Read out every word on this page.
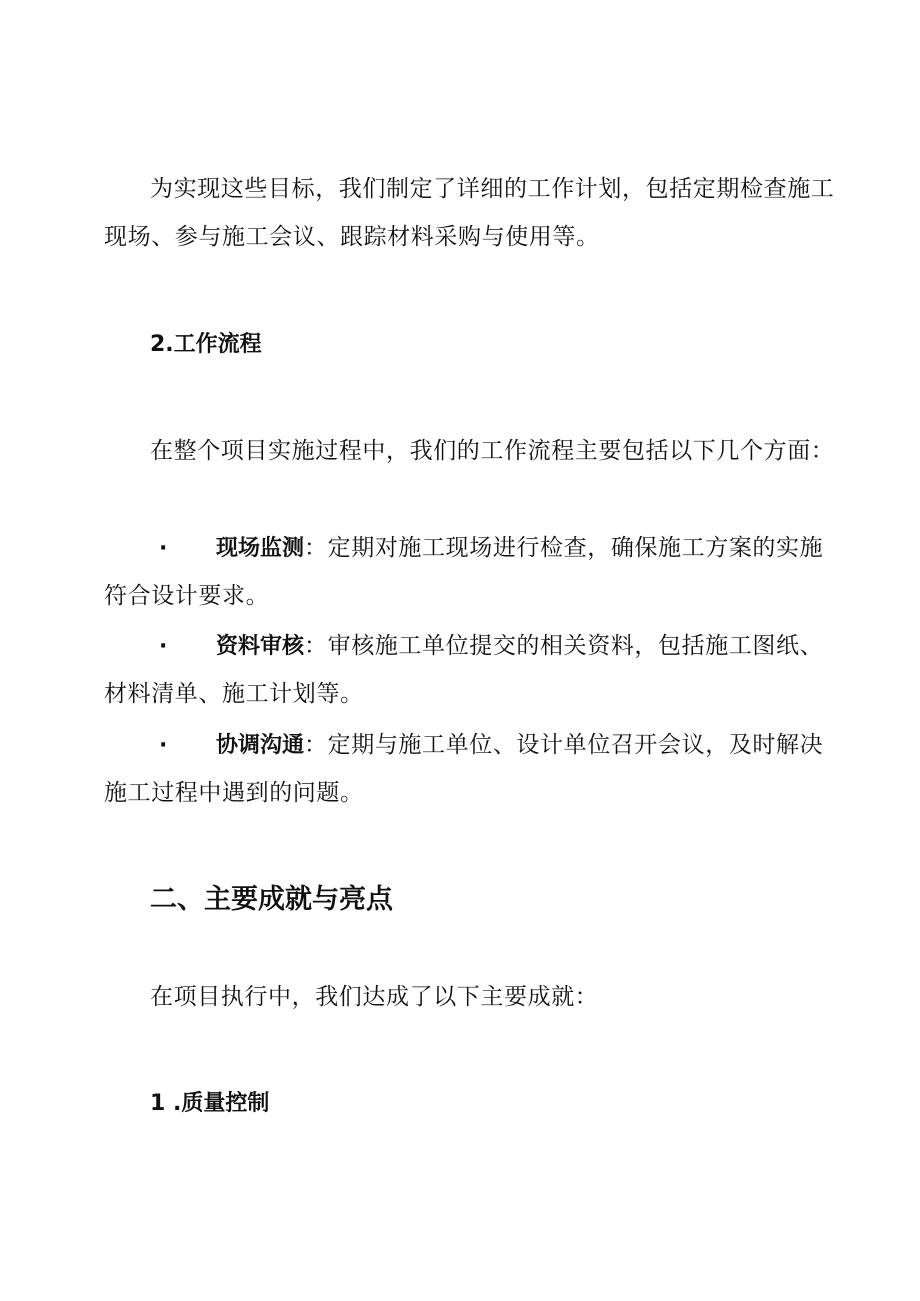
为实现这些目标，我们制定了详细的工作计划，包括定期检查施工
现场、参与施工会议、跟踪材料采购与使用等。
2.工作流程
在整个项目实施过程中，我们的工作流程主要包括以下几个方面：
·	现场监测 ：定期对施工现场进行检查，确保施工方案的实施
符合设计要求。
·	资料审核 ：审核施工单位提交的相关资料，包括施工图纸、
材料清单、施工计划等。
·	协调沟通 ：定期与施工单位、设计单位召开会议，及时解决
施工过程中遇到的问题。
二、主要成就与亮点
在项目执行中，我们达成了以下主要成就：
1 .质量控制
